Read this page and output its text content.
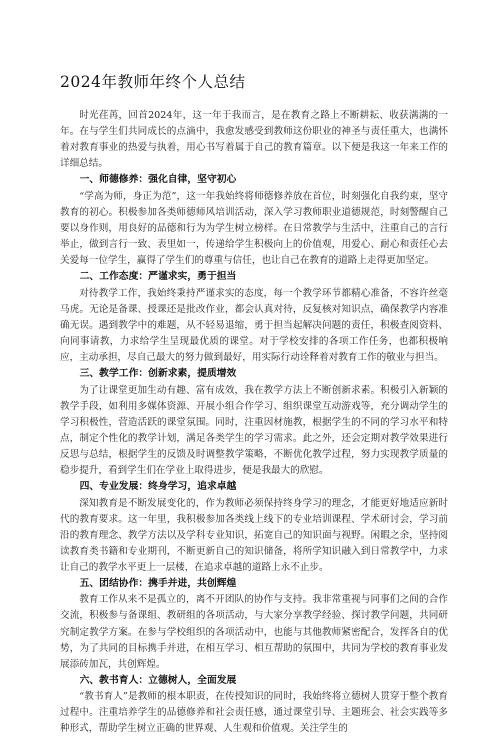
2024年教师年终个人总结

时光荏苒，回首2024年，这一年于我而言，是在教育之路上不断耕耘、收获满满的一年。在与学生们共同成长的点滴中，我愈发感受到教师这份职业的神圣与责任重大，也满怀着对教育事业的热爱与执着，用心书写着属于自己的教育篇章。以下便是我这一年来工作的详细总结。

一、师德修养：强化自律，坚守初心

“学高为师，身正为范”，这一年我始终将师德修养放在首位，时刻强化自我约束，坚守教育的初心。积极参加各类师德师风培训活动，深入学习教师职业道德规范，时刻警醒自己要以身作则，用良好的品德和行为为学生树立榜样。在日常教学与生活中，注重自己的言行举止，做到言行一致、表里如一，传递给学生积极向上的价值观，用爱心、耐心和责任心去关爱每一位学生，赢得了学生们的尊重与信任，也让自己在教育的道路上走得更加坚定。

二、工作态度：严谨求实，勇于担当

对待教学工作，我始终秉持严谨求实的态度，每一个教学环节都精心准备，不容许丝毫马虎。无论是备课、授课还是批改作业，都会认真对待，反复核对知识点，确保教学内容准确无误。遇到教学中的难题，从不轻易退缩，勇于担当起解决问题的责任，积极查阅资料、向同事请教，力求给学生呈现最优质的课堂。对于学校安排的各项工作任务，也都积极响应，主动承担，尽自己最大的努力做到最好，用实际行动诠释着对教育工作的敬业与担当。

三、教学工作：创新求素，提质增效

为了让课堂更加生动有趣、富有成效，我在教学方法上不断创新求素。积极引入新颖的教学手段，如利用多媒体资源、开展小组合作学习、组织课堂互动游戏等，充分调动学生的学习积极性，营造活跃的课堂氛围。同时，注重因材施教，根据学生的不同的学习水平和特点，制定个性化的教学计划，满足各类学生的学习需求。此之外，还会定期对教学效果进行反思与总结，根据学生的反馈及时调整教学策略，不断优化教学过程，努力实现教学质量的稳步提升，看到学生们在学业上取得进步，便是我最大的欣慰。

四、专业发展：终身学习，追求卓越

深知教育是不断发展变化的，作为教师必须保持终身学习的理念，才能更好地适应新时代的教育要求。这一年里，我积极参加各类线上线下的专业培训课程、学术研讨会，学习前沿的教育理念、教学方法以及学科专业知识，拓宽自己的知识面与视野。闲暇之余，坚持阅读教育类书籍和专业期刊，不断更新自己的知识储备，将所学知识融入到日常教学中，力求让自己的教学水平更上一层楼，在追求卓越的道路上永不止步。

五、团结协作：携手并进，共创辉煌

教育工作从来不是孤立的，离不开团队的协作与支持。我非常重视与同事们之间的合作交流，积极参与备课组、教研组的各项活动，与大家分享教学经验、探讨教学问题，共同研究制定教学方案。在参与学校组织的各项活动中，也能与其他教师紧密配合，发挥各自的优势，为了共同的目标携手并进，在相互学习、相互帮助的氛围中，共同为学校的教育事业发展添砖加瓦，共创辉煌。

六、教书育人：立德树人，全面发展

“教书育人”是教师的根本职责，在传授知识的同时，我始终将立德树人贯穿于整个教育过程中。注重培养学生的品德修养和社会责任感，通过课堂引导、主题班会、社会实践等多种形式，帮助学生树立正确的世界观、人生观和价值观。关注学生的
